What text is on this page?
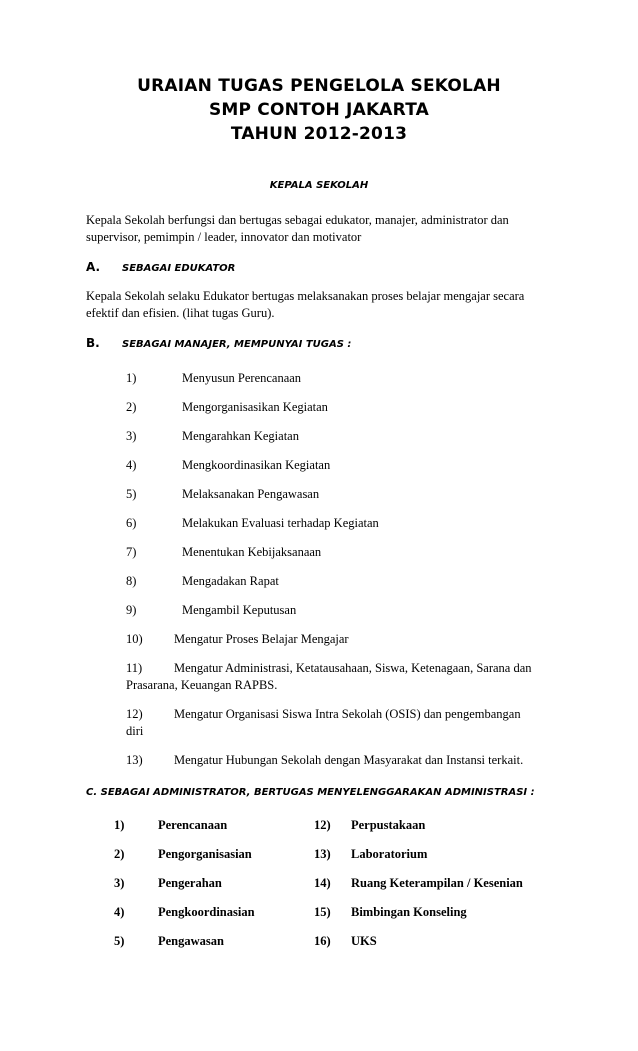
URAIAN TUGAS PENGELOLA SEKOLAH
SMP CONTOH JAKARTA
TAHUN 2012-2013
KEPALA SEKOLAH
Kepala Sekolah berfungsi dan bertugas sebagai edukator, manajer, administrator dan supervisor, pemimpin / leader, innovator dan motivator
A. SEBAGAI EDUKATOR
Kepala Sekolah selaku Edukator bertugas melaksanakan proses belajar mengajar secara efektif dan efisien. (lihat tugas Guru).
B. SEBAGAI MANAJER, MEMPUNYAI TUGAS :
1)	Menyusun Perencanaan
2)	Mengorganisasikan Kegiatan
3)	Mengarahkan Kegiatan
4)	Mengkoordinasikan Kegiatan
5)	Melaksanakan Pengawasan
6)	Melakukan Evaluasi terhadap Kegiatan
7)	Menentukan Kebijaksanaan
8)	Mengadakan Rapat
9)	Mengambil Keputusan
10)	Mengatur Proses Belajar Mengajar
11)	Mengatur Administrasi, Ketatausahaan, Siswa, Ketenagaan, Sarana dan
Prasarana, Keuangan RAPBS.
12)	Mengatur Organisasi Siswa Intra Sekolah (OSIS) dan pengembangan
diri
13)	Mengatur Hubungan Sekolah dengan Masyarakat dan Instansi terkait.
C. SEBAGAI ADMINISTRATOR, BERTUGAS MENYELENGGARAKAN ADMINISTRASI :
1)	Perencanaan	12) Perpustakaan
2)	Pengorganisasian	13) Laboratorium
3)	Pengerahan	14) Ruang Keterampilan / Kesenian
4)	Pengkoordinasian	15) Bimbingan Konseling
5)	Pengawasan	16) UKS
